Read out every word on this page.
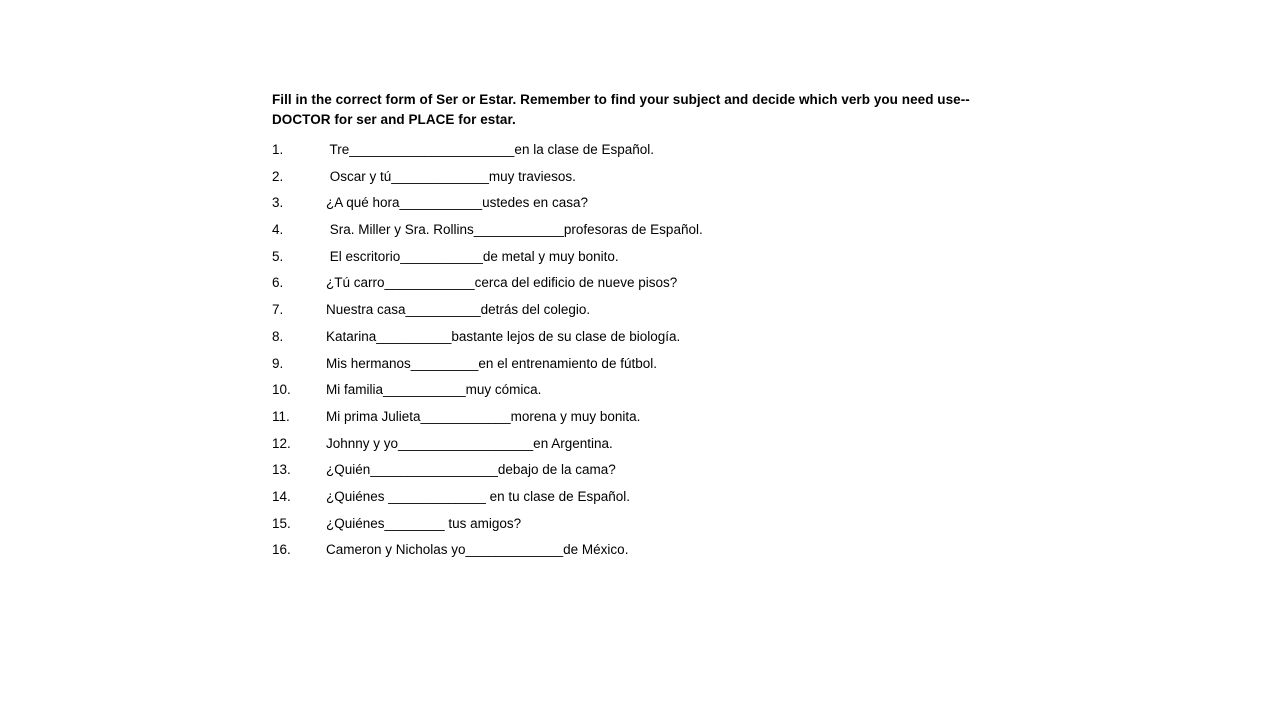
Fill in the correct form of Ser or Estar. Remember to find your subject and decide which verb you need use--
DOCTOR for ser and PLACE for estar.

1.	Tre______________________en la clase de Español.
2.	Oscar y tú_____________muy traviesos.
3.	¿A qué hora___________ustedes en casa?
4.	Sra. Miller y Sra. Rollins____________profesoras de Español.
5.	El escritorio___________de metal y muy bonito.
6.	¿Tú carro____________cerca del edificio de nueve pisos?
7.	Nuestra casa__________detrás del colegio.
8.	Katarina__________bastante lejos de su clase de biología.
9.	Mis hermanos_________en el entrenamiento de fútbol.
10.	Mi familia___________muy cómica.
11.	Mi prima Julieta____________morena y muy bonita.
12.	Johnny y yo__________________en Argentina.
13.	¿Quién_________________debajo de la cama?
14.	¿Quiénes _____________ en tu clase de Español.
15.	¿Quiénes________ tus amigos?
16.	Cameron y Nicholas yo_____________de México.
